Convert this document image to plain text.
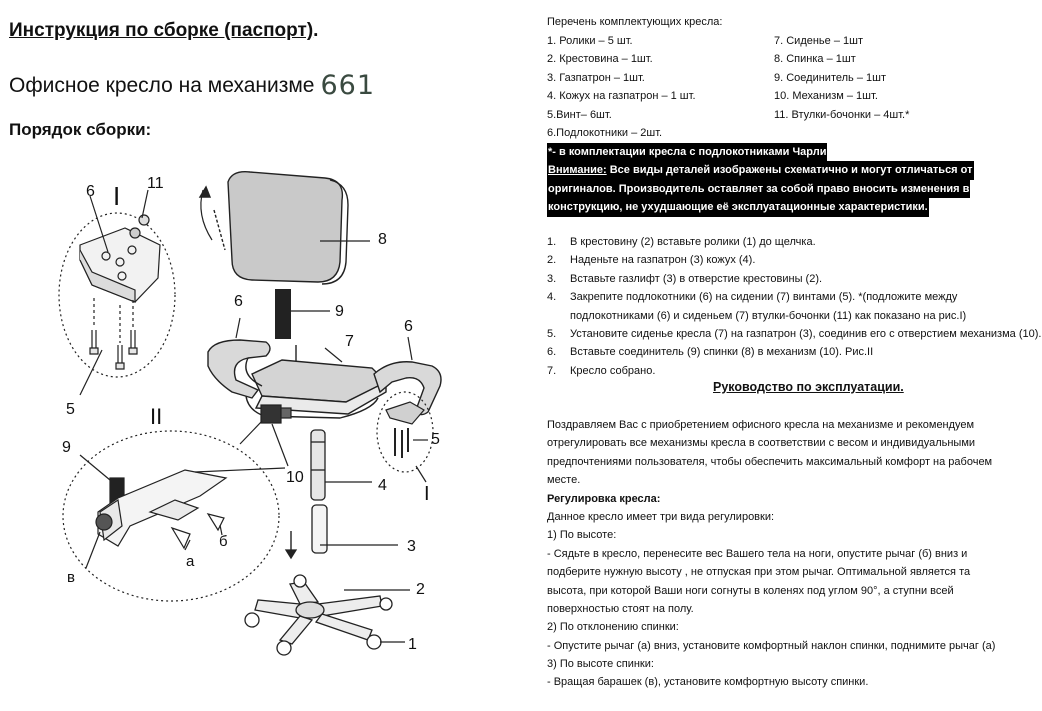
Инструкция по сборке (паспорт).
Офисное кресло на механизме 661
Порядок сборки:
6	11
I
5	II
9
10
в
а
б
8
6
9
7
6
5
I
4
3
2
1
Перечень комплектующих кресла:
1. Ролики – 5 шт.	7. Сиденье – 1шт
2. Крестовина – 1шт.	8. Спинка – 1шт
3. Газпатрон – 1шт.	9. Соединитель – 1шт
4. Кожух на газпатрон – 1 шт.	10. Механизм – 1шт.
5.Винт– 6шт.	11. Втулки-бочонки – 4шт.*
6.Подлокотники – 2шт.
*- в комплектации кресла с подлокотниками Чарли
Внимание: Все виды деталей изображены схематично и могут отличаться от
оригиналов. Производитель оставляет за собой право вносить изменения в
конструкцию, не ухудшающие её эксплуатационные характеристики.
1. В крестовину (2) вставьте ролики (1) до щелчка.
2. Наденьте на газпатрон (3) кожух (4).
3. Вставьте газлифт (3) в отверстие крестовины (2).
4. Закрепите подлокотники (6) на сидении (7) винтами (5). *(подложите между
подлокотниками (6) и сиденьем (7) втулки-бочонки (11) как показано на рис.I)
5. Установите сиденье кресла (7) на газпатрон (3), соединив его с отверстием механизма (10).
6. Вставьте соединитель (9) спинки (8) в механизм (10). Рис.II
7. Кресло собрано.
Руководство по эксплуатации.
Поздравляем Вас с приобретением офисного кресла на механизме и рекомендуем
отрегулировать все механизмы кресла в соответствии с весом и индивидуальными
предпочтениями пользователя, чтобы обеспечить максимальный комфорт на рабочем
месте.
Регулировка кресла:
Данное кресло имеет три вида регулировки:
1) По высоте:
- Сядьте в кресло, перенесите вес Вашего тела на ноги, опустите рычаг (б) вниз и
подберите нужную высоту , не отпуская при этом рычаг. Оптимальной является та
высота, при которой Ваши ноги согнуты в коленях под углом 90°, а ступни всей
поверхностью стоят на полу.
2) По отклонению спинки:
- Опустите рычаг (а) вниз, установите комфортный наклон спинки, поднимите рычаг (а)
3) По высоте спинки:
- Вращая барашек (в), установите комфортную высоту спинки.
